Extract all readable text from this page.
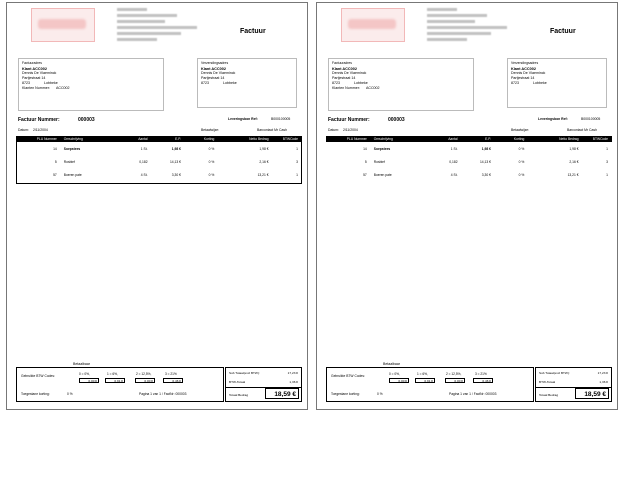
Factuur
Factuuradres
Klant ACC002
Dennis De Vlaeminck
Partjestraat 14
8723	Lobbeke
Klanten Nummer: ACC002
Verzendingsadres
Klant ACC002
Dennis De Vlaeminck
Partjestraat 14
8723	Lobbeke
Factuur Nummer:	000003	Leveringsbon Ref:	B000100005
Datum: 2/11/2004	Betaalwijze:	Barcontact Mr Cash
PLU Nummer	Omschrijving	Aantal	E.P.	Korting	Netto Bedrag	BTWCode
14	Soepstees	1 St.	1,98 €	0 %	1,98 €	1
5	Rosbief	0,182	14,13 €	0 %	2,16 €	3
57	Boeren pate	4 St.	3,30 €	0 %	13,21 €	1
Betaalbaar
Gebruikte BTW Codes:	0 = 0%,
0,00 €
1 = 6%,
0,91 €
2 = 12,5%,
0,00 €
3 = 21%
0,46 €
Toegestane korting:	0 %	Pagina 1 van 1 / FactNr: 000003
Sub Totaal(excl BTW):	17,23 €
BTW-Totaal	1,36 €
Totaal Bedrag	18,59 €
Factuur
Factuuradres
Klant ACC002
Dennis De Vlaeminck
Partjestraat 14
8723	Lobbeke
Klanten Nummer: ACC002
Verzendingsadres
Klant ACC002
Dennis De Vlaeminck
Partjestraat 14
8723	Lobbeke
Factuur Nummer:	000003	Leveringsbon Ref:	B000100005
Datum: 2/11/2004	Betaalwijze:	Barcontact Mr Cash
PLU Nummer	Omschrijving	Aantal	E.P.	Korting	Netto Bedrag	BTWCode
14	Soepstees	1 St.	1,98 €	0 %	1,98 €	1
5	Rosbief	0,182	14,13 €	0 %	2,16 €	3
57	Boeren pate	4 St.	3,30 €	0 %	13,21 €	1
Betaalbaar
Gebruikte BTW Codes:	0 = 0%,
0,00 €
1 = 6%,
0,91 €
2 = 12,5%,
0,00 €
3 = 21%
0,46 €
Toegestane korting:	0 %	Pagina 1 van 1 / FactNr: 000003
Sub Totaal(excl BTW):	17,23 €
BTW-Totaal	1,36 €
Totaal Bedrag	18,59 €
